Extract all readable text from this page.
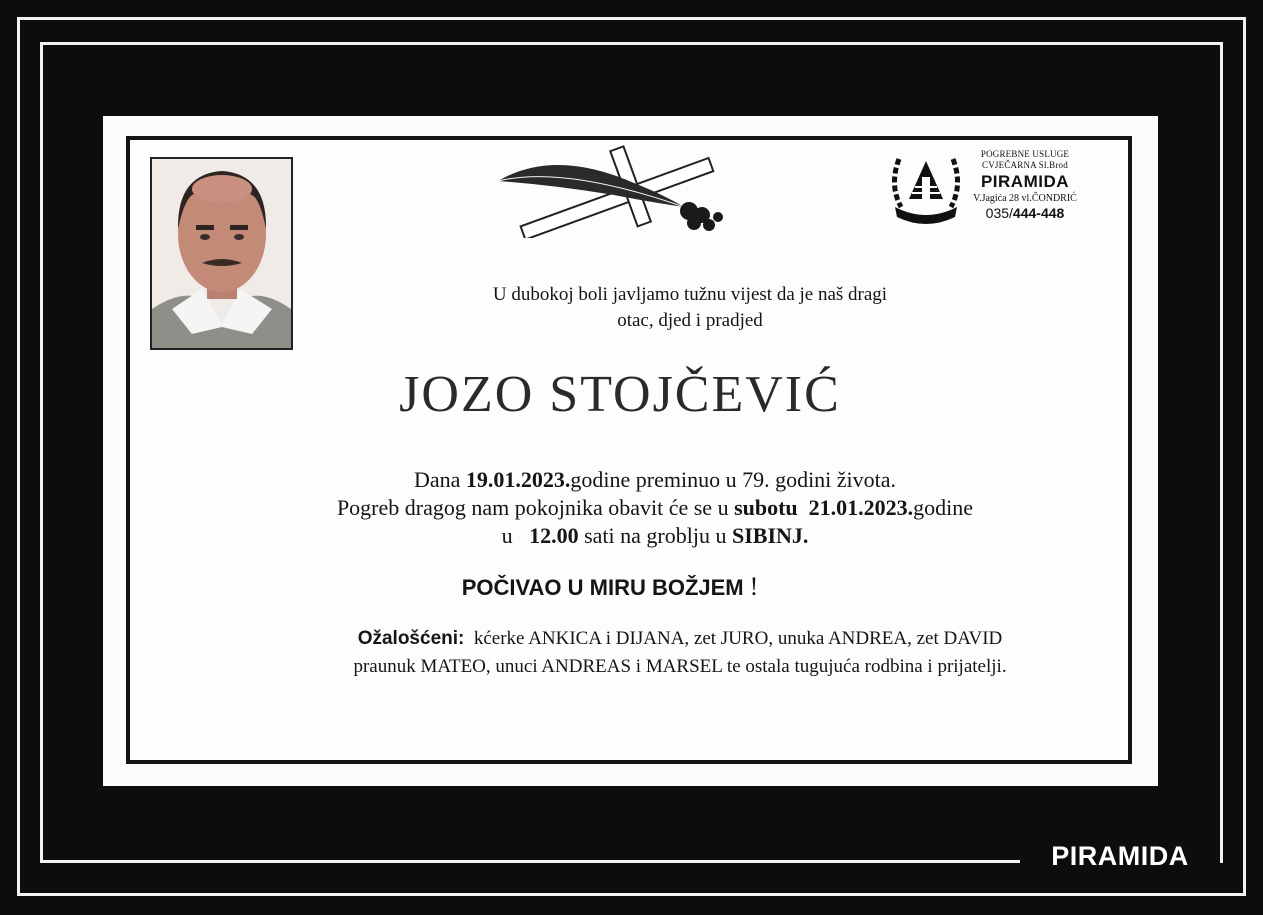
POGREBNE USLUGE
CVJEČARNA Sl.Brod
PIRAMIDA
V.Jagića 28 vl.ČONDRIĆ
035/444-448
U dubokoj boli javljamo tužnu vijest da je naš dragi
otac, djed i pradjed
JOZO STOJČEVIĆ
Dana 19.01.2023.godine preminuo u 79. godini života.
Pogreb dragog nam pokojnika obavit će se u subotu 21.01.2023.godine
u   12.00 sati na groblju u SIBINJ.
POČIVAO U MIRU BOŽJEM !
Ožalošćeni: kćerke ANKICA i DIJANA, zet JURO, unuka ANDREA, zet DAVID
praunuk MATEO, unuci ANDREAS i MARSEL te ostala tugujuća rodbina i prijatelji.
PIRAMIDA
